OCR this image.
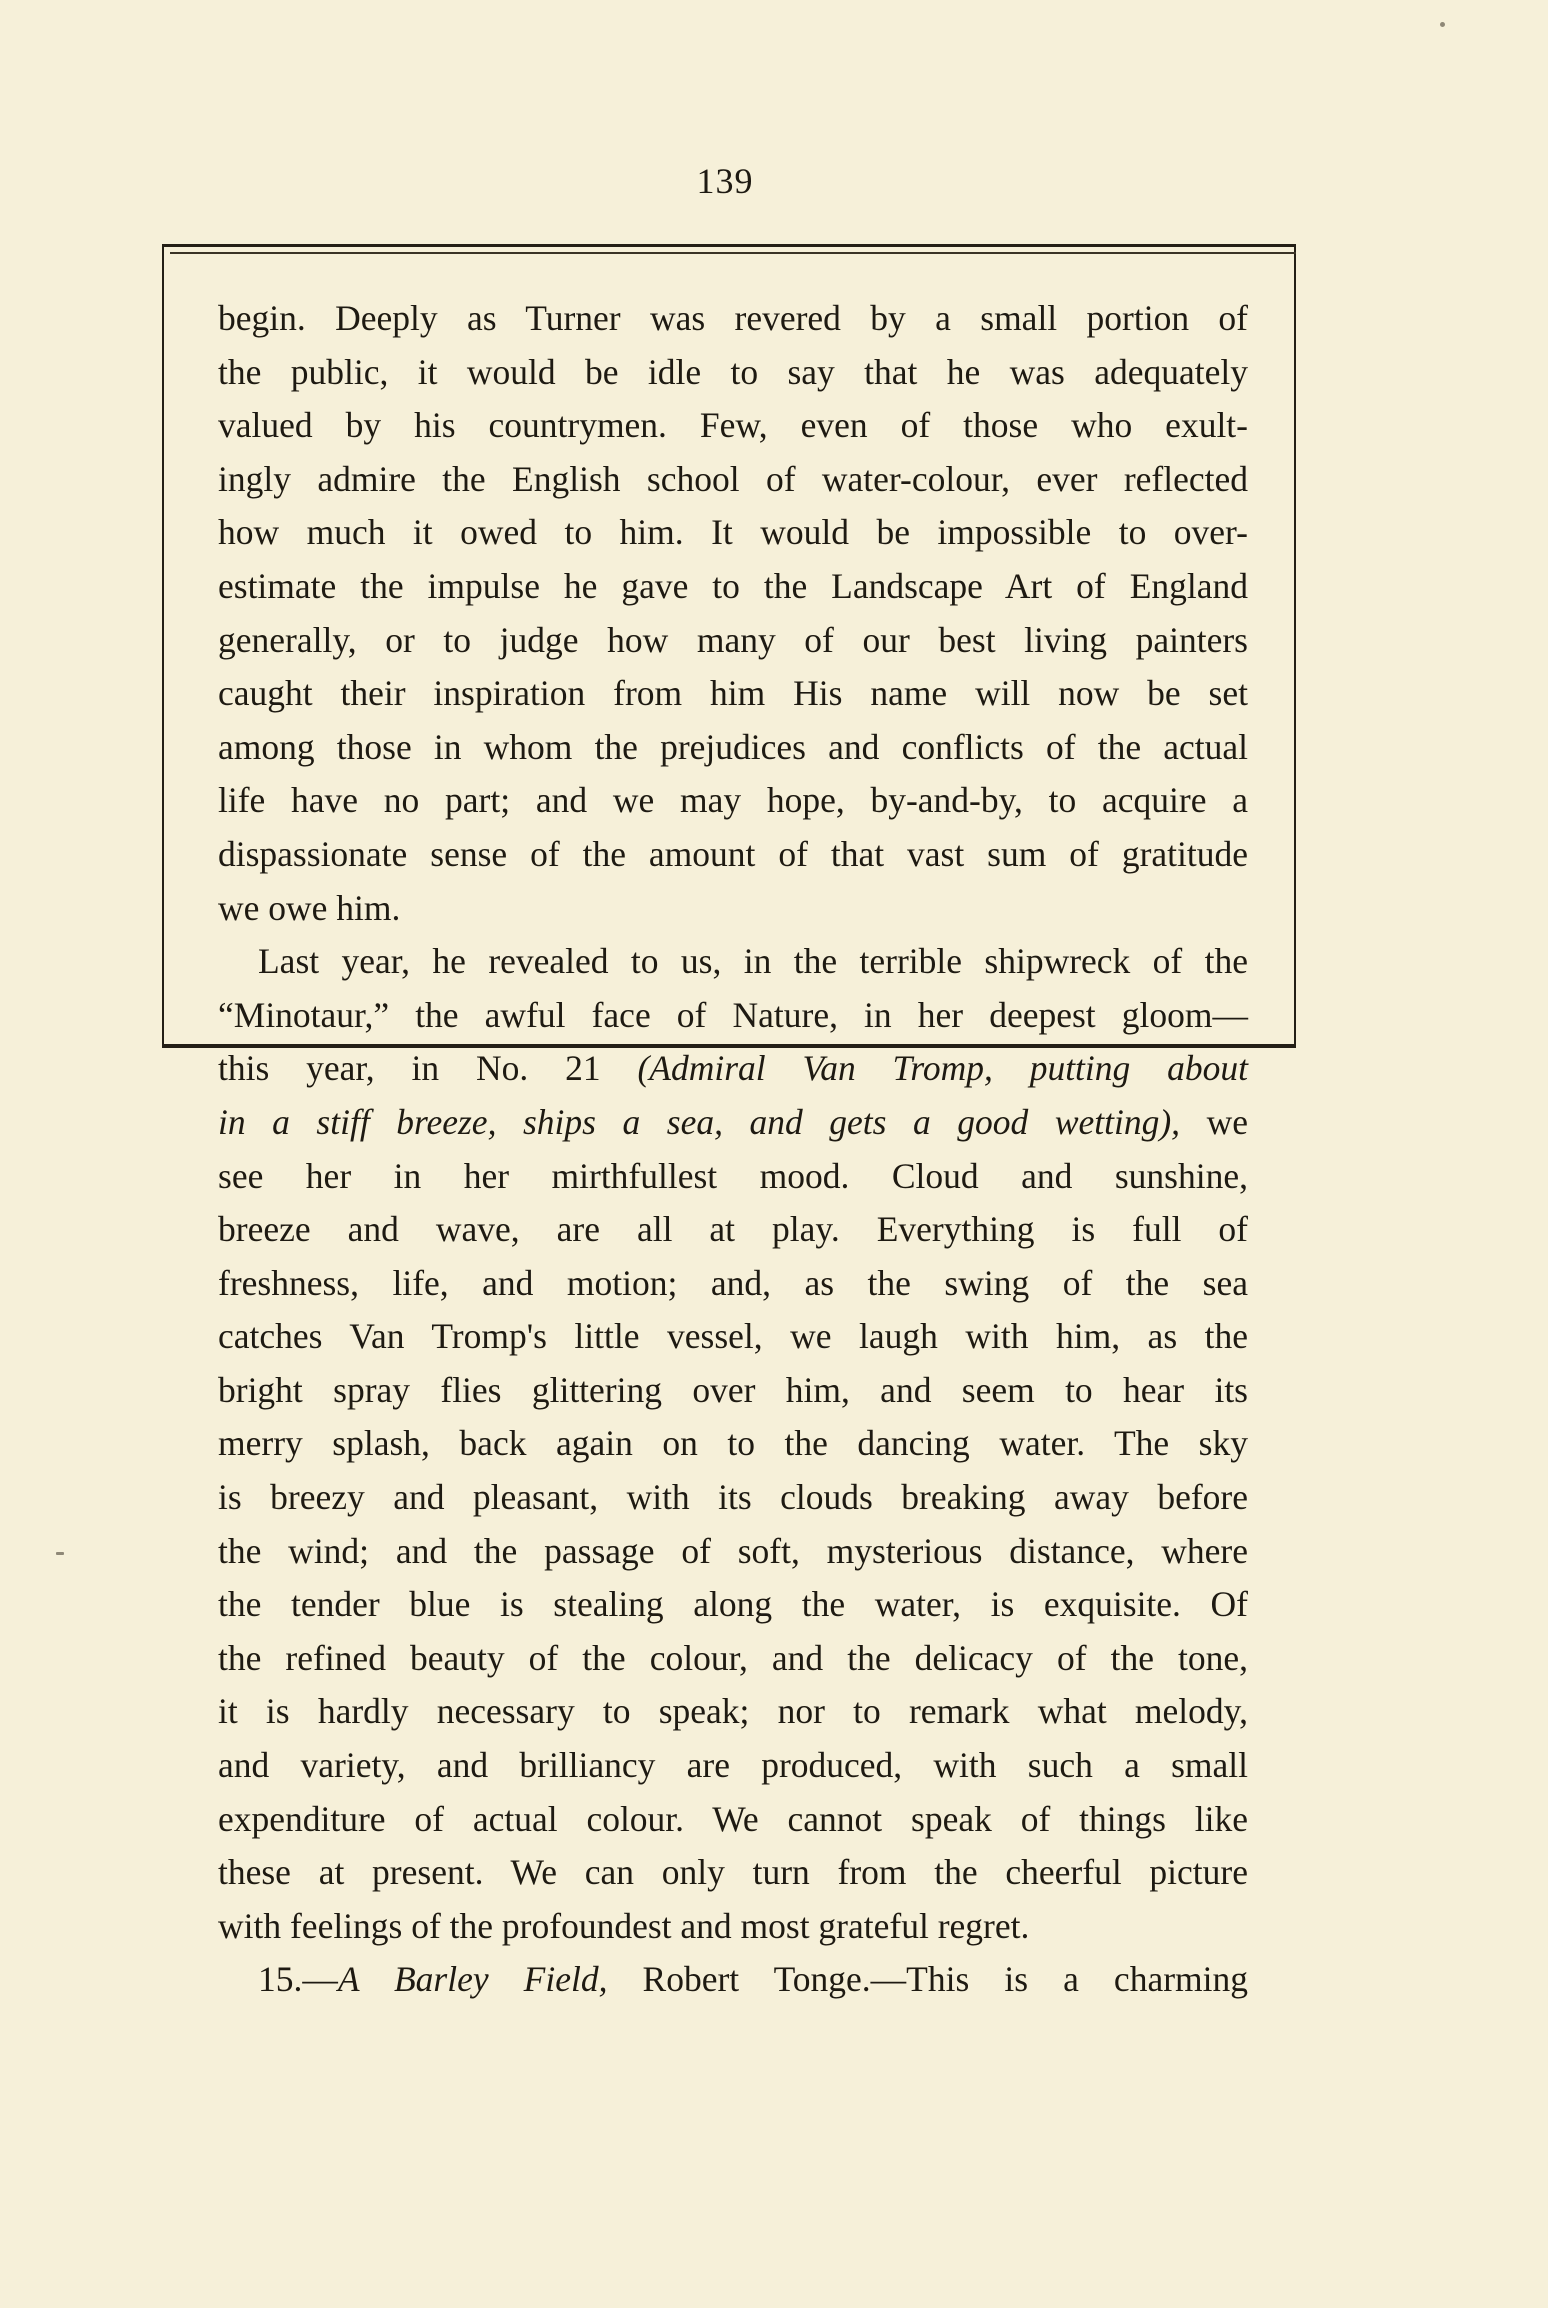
139
begin. Deeply as Turner was revered by a small portion of
the public, it would be idle to say that he was adequately
valued by his countrymen. Few, even of those who exult-
ingly admire the English school of water-colour, ever reflected
how much it owed to him. It would be impossible to over-
estimate the impulse he gave to the Landscape Art of England
generally, or to judge how many of our best living painters
caught their inspiration from him His name will now be set
among those in whom the prejudices and conflicts of the actual
life have no part; and we may hope, by-and-by, to acquire a
dispassionate sense of the amount of that vast sum of gratitude
we owe him.
Last year, he revealed to us, in the terrible shipwreck of the
“Minotaur,” the awful face of Nature, in her deepest gloom—
this year, in No. 21 (Admiral Van Tromp, putting about
in a stiff breeze, ships a sea, and gets a good wetting), we
see her in her mirthfullest mood. Cloud and sunshine,
breeze and wave, are all at play. Everything is full of
freshness, life, and motion; and, as the swing of the sea
catches Van Tromp's little vessel, we laugh with him, as the
bright spray flies glittering over him, and seem to hear its
merry splash, back again on to the dancing water. The sky
is breezy and pleasant, with its clouds breaking away before
the wind; and the passage of soft, mysterious distance, where
the tender blue is stealing along the water, is exquisite. Of
the refined beauty of the colour, and the delicacy of the tone,
it is hardly necessary to speak; nor to remark what melody,
and variety, and brilliancy are produced, with such a small
expenditure of actual colour. We cannot speak of things like
these at present. We can only turn from the cheerful picture
with feelings of the profoundest and most grateful regret.
15.—A Barley Field, Robert Tonge.—This is a charming
